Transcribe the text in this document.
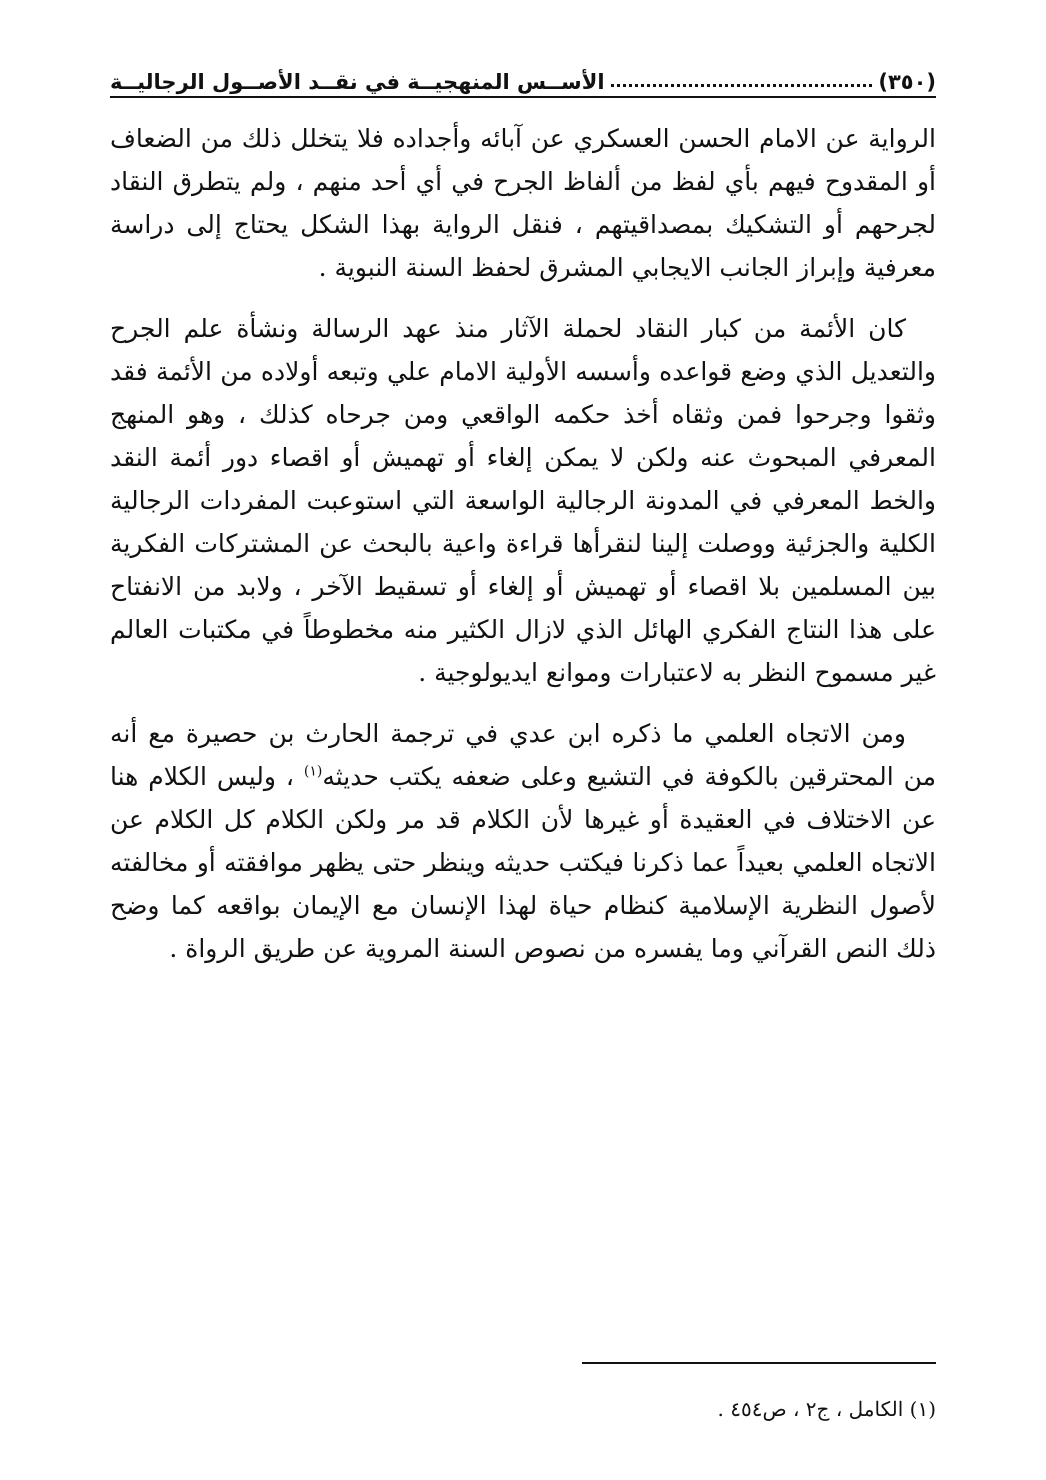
(٣٥٠)
الأســس المنهجيــة في نقــد الأصــول الرجاليــة

الرواية عن الامام الحسن العسكري عن آبائه وأجداده فلا يتخلل ذلك من الضعاف أو المقدوح فيهم بأي لفظ من ألفاظ الجرح في أي أحد منهم ، ولم يتطرق النقاد لجرحهم أو التشكيك بمصداقيتهم ، فنقل الرواية بهذا الشكل يحتاج إلى دراسة معرفية وإبراز الجانب الايجابي المشرق لحفظ السنة النبوية .

كان الأئمة من كبار النقاد لحملة الآثار منذ عهد الرسالة ونشأة علم الجرح والتعديل الذي وضع قواعده وأسسه الأولية الامام علي وتبعه أولاده من الأئمة فقد وثقوا وجرحوا فمن وثقاه أخذ حكمه الواقعي ومن جرحاه كذلك ، وهو المنهج المعرفي المبحوث عنه ولكن لا يمكن إلغاء أو تهميش أو اقصاء دور أئمة النقد والخط المعرفي في المدونة الرجالية الواسعة التي استوعبت المفردات الرجالية الكلية والجزئية ووصلت إلينا لنقرأها قراءة واعية بالبحث عن المشتركات الفكرية بين المسلمين بلا اقصاء أو تهميش أو إلغاء أو تسقيط الآخر ، ولابد من الانفتاح على هذا النتاج الفكري الهائل الذي لازال الكثير منه مخطوطاً في مكتبات العالم غير مسموح النظر به لاعتبارات وموانع ايديولوجية .

ومن الاتجاه العلمي ما ذكره ابن عدي في ترجمة الحارث بن حصيرة مع أنه من المحترقين بالكوفة في التشيع وعلى ضعفه يكتب حديثه$^{(١)}$ ، وليس الكلام هنا عن الاختلاف في العقيدة أو غيرها لأن الكلام قد مر ولكن الكلام كل الكلام عن الاتجاه العلمي بعيداً عما ذكرنا فيكتب حديثه وينظر حتى يظهر موافقته أو مخالفته لأصول النظرية الإسلامية كنظام حياة لهذا الإنسان مع الإيمان بواقعه كما وضح ذلك النص القرآني وما يفسره من نصوص السنة المروية عن طريق الرواة .

(١) الكامل ، ج٢ ، ص٤٥٤ .
